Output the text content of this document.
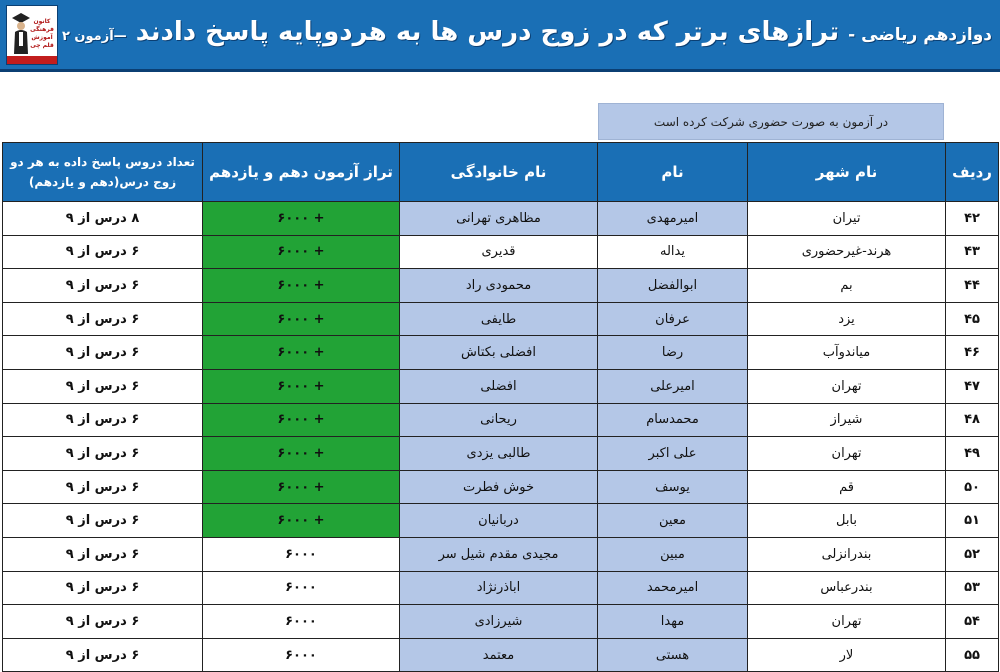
دوازدهم ریاضی - ترازهای برتر که در زوج درس ها به هردوپایه پاسخ دادند —آزمون ۲
کانون فرهنگی آموزش قلم چی
در آزمون به صورت حضوری شرکت کرده است
ردیف	نام شهر	نام	نام خانوادگی	تراز آزمون دهم و یازدهم	تعداد دروس پاسخ داده به هر دو
زوج درس(دهم و یازدهم)

۴۲	تیران	امیرمهدی	مظاهری تهرانی	+ ۶۰۰۰	۸ درس از ۹
۴۳	هرند-غیرحضوری	یداله	قدیری	+ ۶۰۰۰	۶ درس از ۹
۴۴	بم	ابوالفضل	محمودی راد	+ ۶۰۰۰	۶ درس از ۹
۴۵	یزد	عرفان	طایفی	+ ۶۰۰۰	۶ درس از ۹
۴۶	میاندوآب	رضا	افضلی بکتاش	+ ۶۰۰۰	۶ درس از ۹
۴۷	تهران	امیرعلی	افضلی	+ ۶۰۰۰	۶ درس از ۹
۴۸	شیراز	محمدسام	ریحانی	+ ۶۰۰۰	۶ درس از ۹
۴۹	تهران	علی اکبر	طالبی یزدی	+ ۶۰۰۰	۶ درس از ۹
۵۰	قم	یوسف	خوش فطرت	+ ۶۰۰۰	۶ درس از ۹
۵۱	بابل	معین	دربانیان	+ ۶۰۰۰	۶ درس از ۹
۵۲	بندرانزلی	مبین	مجیدی مقدم شیل سر	۶۰۰۰	۶ درس از ۹
۵۳	بندرعباس	امیرمحمد	اباذرنژاد	۶۰۰۰	۶ درس از ۹
۵۴	تهران	مهدا	شیرزادی	۶۰۰۰	۶ درس از ۹
۵۵	لار	هستی	معتمد	۶۰۰۰	۶ درس از ۹
